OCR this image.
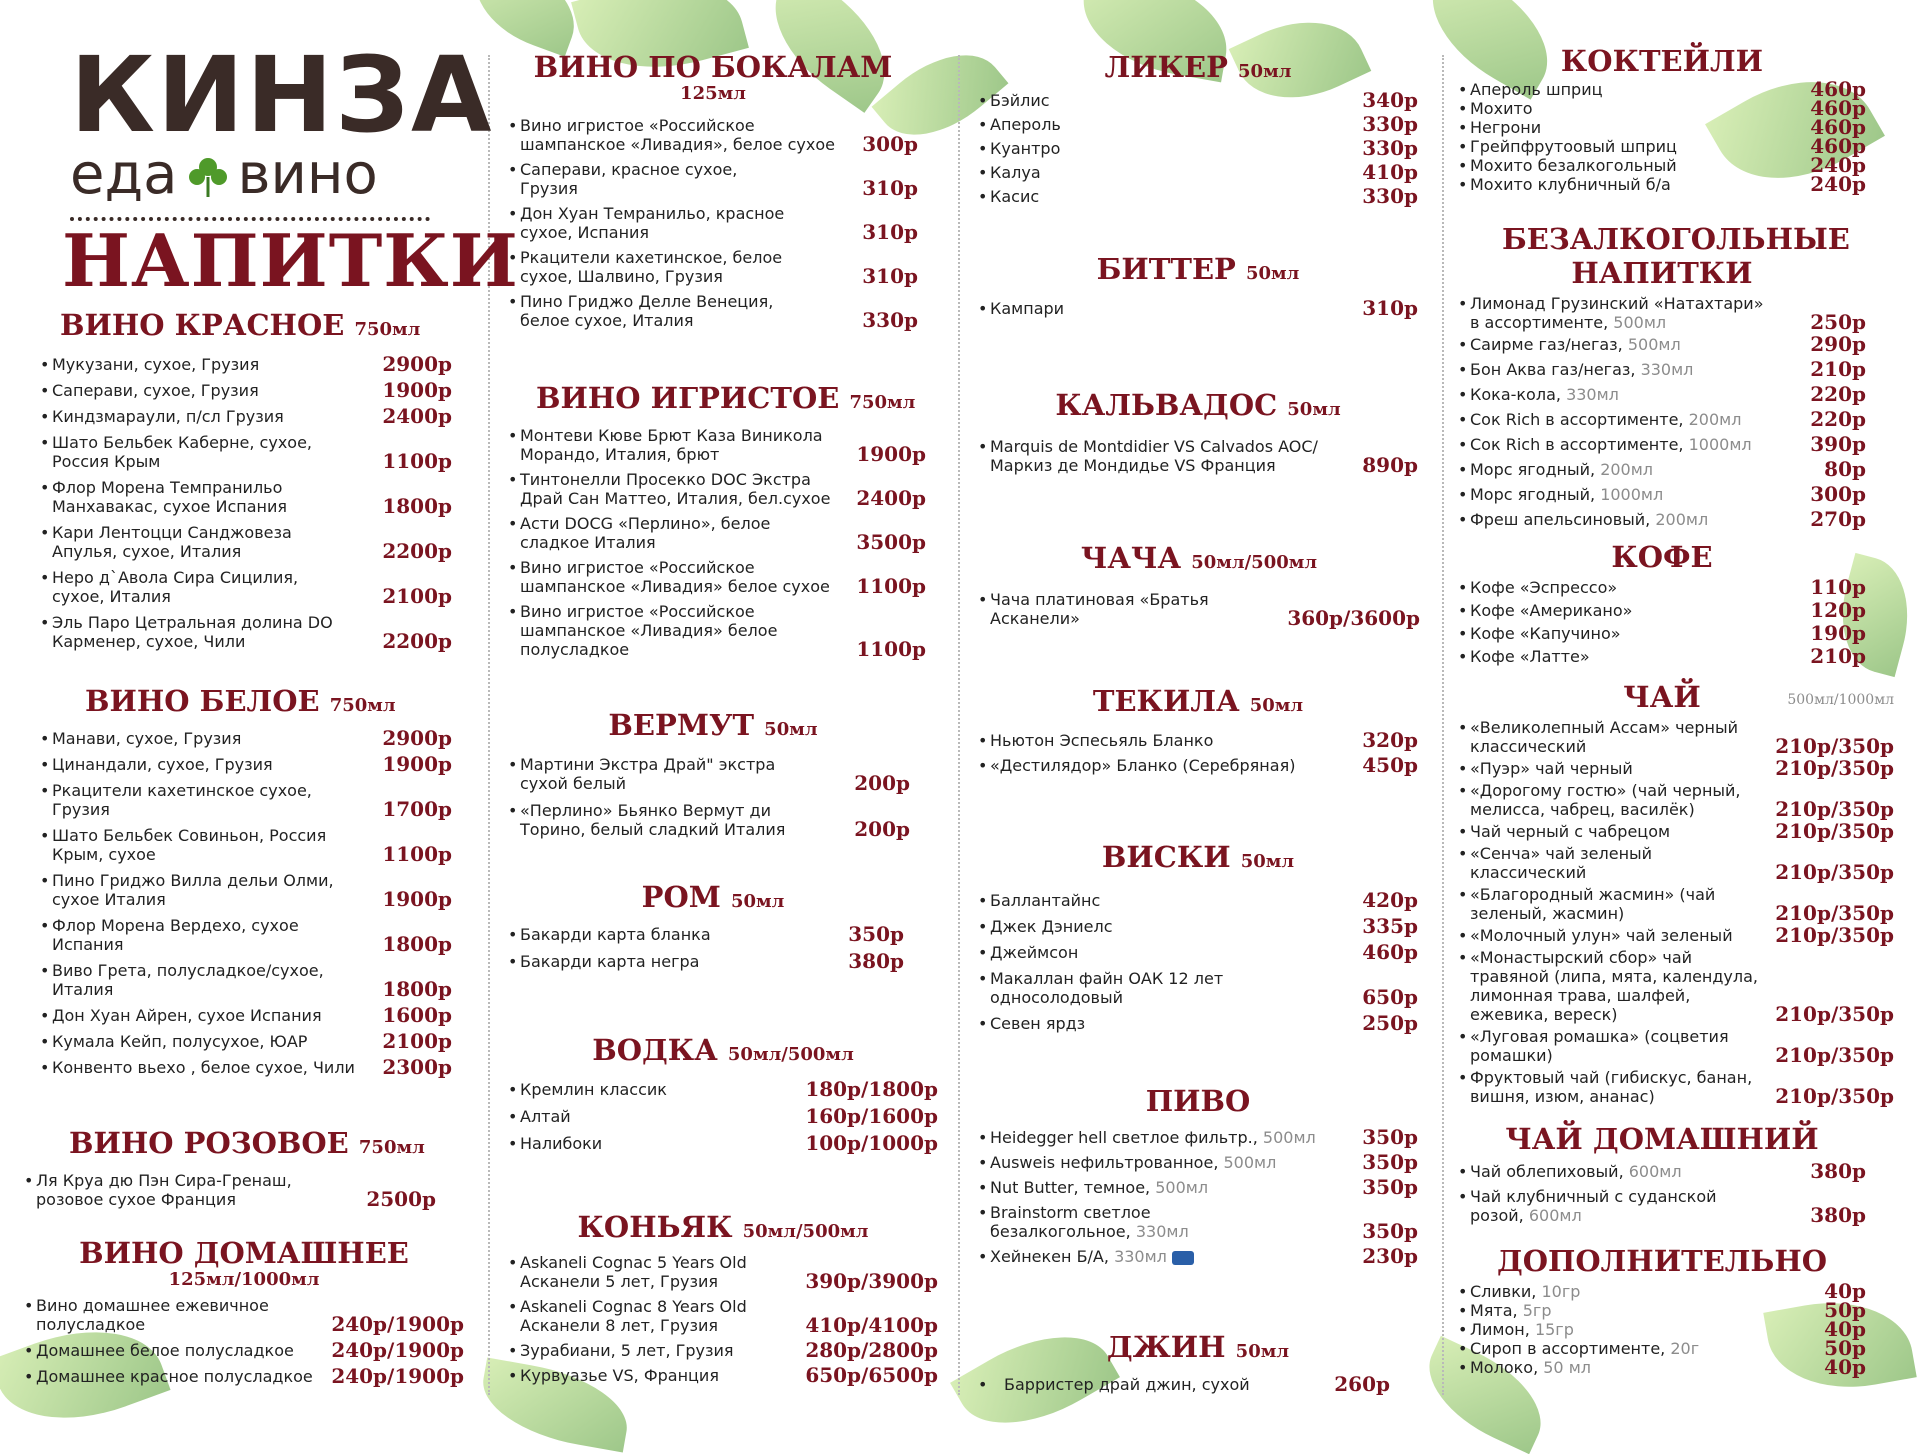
КИНЗА
еда вино
НАПИТКИ
ВИНО КРАСНОЕ 750мл
• Мукузани, сухое, Грузия	2900р
• Саперави, сухое, Грузия	1900р
• Киндзмараули, п/сл Грузия	2400р
• Шато Бельбек Каберне, сухое, Россия Крым	1100р
• Флор Морена Темпранильо Манхавакас, сухое Испания	1800р
• Кари Лентоцци Санджовеза Апулья, сухое, Италия	2200р
• Неро д`Авола Сира Сицилия, сухое, Италия	2100р
• Эль Паро Цетральная долина DO Карменер, сухое, Чили	2200р
ВИНО БЕЛОЕ 750мл
• Манави, сухое, Грузия	2900р
• Цинандали, сухое, Грузия	1900р
• Ркацители кахетинское сухое, Грузия	1700р
• Шато Бельбек Совиньон, Россия Крым, сухое	1100р
• Пино Гриджо Вилла дельи Олми, сухое Италия	1900р
• Флор Морена Вердехо, сухое Испания	1800р
• Виво Грета, полусладкое/сухое, Италия	1800р
• Дон Хуан Айрен, сухое Испания	1600р
• Кумала Кейп, полусухое, ЮАР	2100р
• Конвенто вьехо , белое сухое, Чили	2300р
ВИНО РОЗОВОЕ 750мл
• Ля Круа дю Пэн Сира-Гренаш, розовое сухое Франция	2500р
ВИНО ДОМАШНЕЕ
125мл/1000мл
• Вино домашнее ежевичное полусладкое	240р/1900р
• Домашнее белое полусладкое	240р/1900р
• Домашнее красное полусладкое 240р/1900р
ВИНО ПО БОКАЛАМ
125мл
• Вино игристое «Российское шампанское «Ливадия», белое сухое	300р
• Саперави, красное сухое, Грузия	310р
• Дон Хуан Темранильо, красное сухое, Испания	310р
• Ркацители кахетинское, белое сухое, Шалвино, Грузия	310р
• Пино Гриджо Делле Венеция, белое сухое, Италия	330р
ВИНО ИГРИСТОЕ 750мл
• Монтеви Кюве Брют Каза Виникола Морандо, Италия, брют	1900р
• Тинтонелли Просекко DOC Экстра Драй Сан Маттео, Италия, бел.сухое	2400р
• Асти DOCG «Перлино», белое сладкое Италия	3500р
• Вино игристое «Российское шампанское «Ливадия» белое сухое	1100р
• Вино игристое «Российское шампанское «Ливадия» белое полусладкое	1100р
ВЕРМУТ 50мл
• Мартини Экстра Драй" экстра сухой белый	200р
• «Перлино» Бьянко Вермут ди Торино, белый сладкий Италия	200р
РОМ 50мл
• Бакарди карта бланка	350р
• Бакарди карта негра	380р
ВОДКА 50мл/500мл
• Кремлин классик	180р/1800р
• Алтай	160р/1600р
• Налибоки	100р/1000р
КОНЬЯК 50мл/500мл
• Askaneli Cognac 5 Years Old Асканели 5 лет, Грузия	390р/3900р
• Askaneli Cognac 8 Years Old Асканели 8 лет, Грузия	410р/4100р
• Зурабиани, 5 лет, Грузия	280р/2800р
• Курвуазье VS, Франция	650р/6500р
ЛИКЕР 50мл
• Бэйлис	340р
• Апероль	330р
• Куантро	330р
• Калуа	410р
• Касис	330р
БИТТЕР 50мл
• Кампари	310р
КАЛЬВАДОС 50мл
• Marquis de Montdidier VS Calvados AOC/ Маркиз де Мондидье VS Франция	890р
ЧАЧА 50мл/500мл
• Чача платиновая «Братья Асканели»	360р/3600р
ТЕКИЛА 50мл
• Ньютон Эспесьяль Бланко	320р
• «Дестилядор» Бланко (Серебряная)	450р
ВИСКИ 50мл
• Баллантайнс	420р
• Джек Дэниелс	335р
• Джеймсон	460р
• Макаллан файн ОАК 12 лет односолодовый	650р
• Севен ярдз	250р
ПИВО
• Heidegger hell светлое фильтр., 500мл	350р
• Ausweis нефильтрованное, 500мл	350р
• Nut Butter, темное, 500мл	350р
• Brainstorm светлое безалкогольное, 330мл	350р
• Хейнекен Б/А, 330мл	230р
ДЖИН 50мл
• Барристер драй джин, сухой	260р
КОКТЕЙЛИ
• Апероль шприц	460р
• Мохито	460р
• Негрони	460р
• Грейпфрутоовый шприц	460р
• Мохито безалкогольный	240р
• Мохито клубничный б/а	240р
БЕЗАЛКОГОЛЬНЫЕ НАПИТКИ
• Лимонад Грузинский «Натахтари» в ассортименте, 500мл	250р
• Саирме газ/негаз, 500мл	290р
• Бон Аква газ/негаз, 330мл	210р
• Кока-кола, 330мл	220р
• Сок Rich в ассортименте, 200мл	220р
• Сок Rich в ассортименте, 1000мл	390р
• Морс ягодный, 200мл	80р
• Морс ягодный, 1000мл	300р
• Фреш апельсиновый, 200мл	270р
КОФЕ
• Кофе «Эспрессо»	110р
• Кофе «Американо»	120р
• Кофе «Капучино»	190р
• Кофе «Латте»	210р
ЧАЙ	500мл/1000мл
• «Великолепный Ассам» черный классический	210р/350р
• «Пуэр» чай черный	210р/350р
• «Дорогому гостю» (чай черный, мелисса, чабрец, василёк)	210р/350р
• Чай черный с чабрецом	210р/350р
• «Сенча» чай зеленый классический	210р/350р
• «Благородный жасмин» (чай зеленый, жасмин)	210р/350р
• «Молочный улун» чай зеленый	210р/350р
• «Монастырский сбор» чай травяной (липа, мята, календула, лимонная трава, шалфей, ежевика, вереск)	210р/350р
• «Луговая ромашка» (соцветия ромашки)	210р/350р
• Фруктовый чай (гибискус, банан, вишня, изюм, ананас)	210р/350р
ЧАЙ ДОМАШНИЙ
• Чай облепиховый, 600мл	380р
• Чай клубничный с суданской розой, 600мл	380р
ДОПОЛНИТЕЛЬНО
• Сливки, 10гр	40р
• Мята, 5гр	50р
• Лимон, 15гр	40р
• Сироп в ассортименте, 20г	50р
• Молоко, 50 мл	40р
